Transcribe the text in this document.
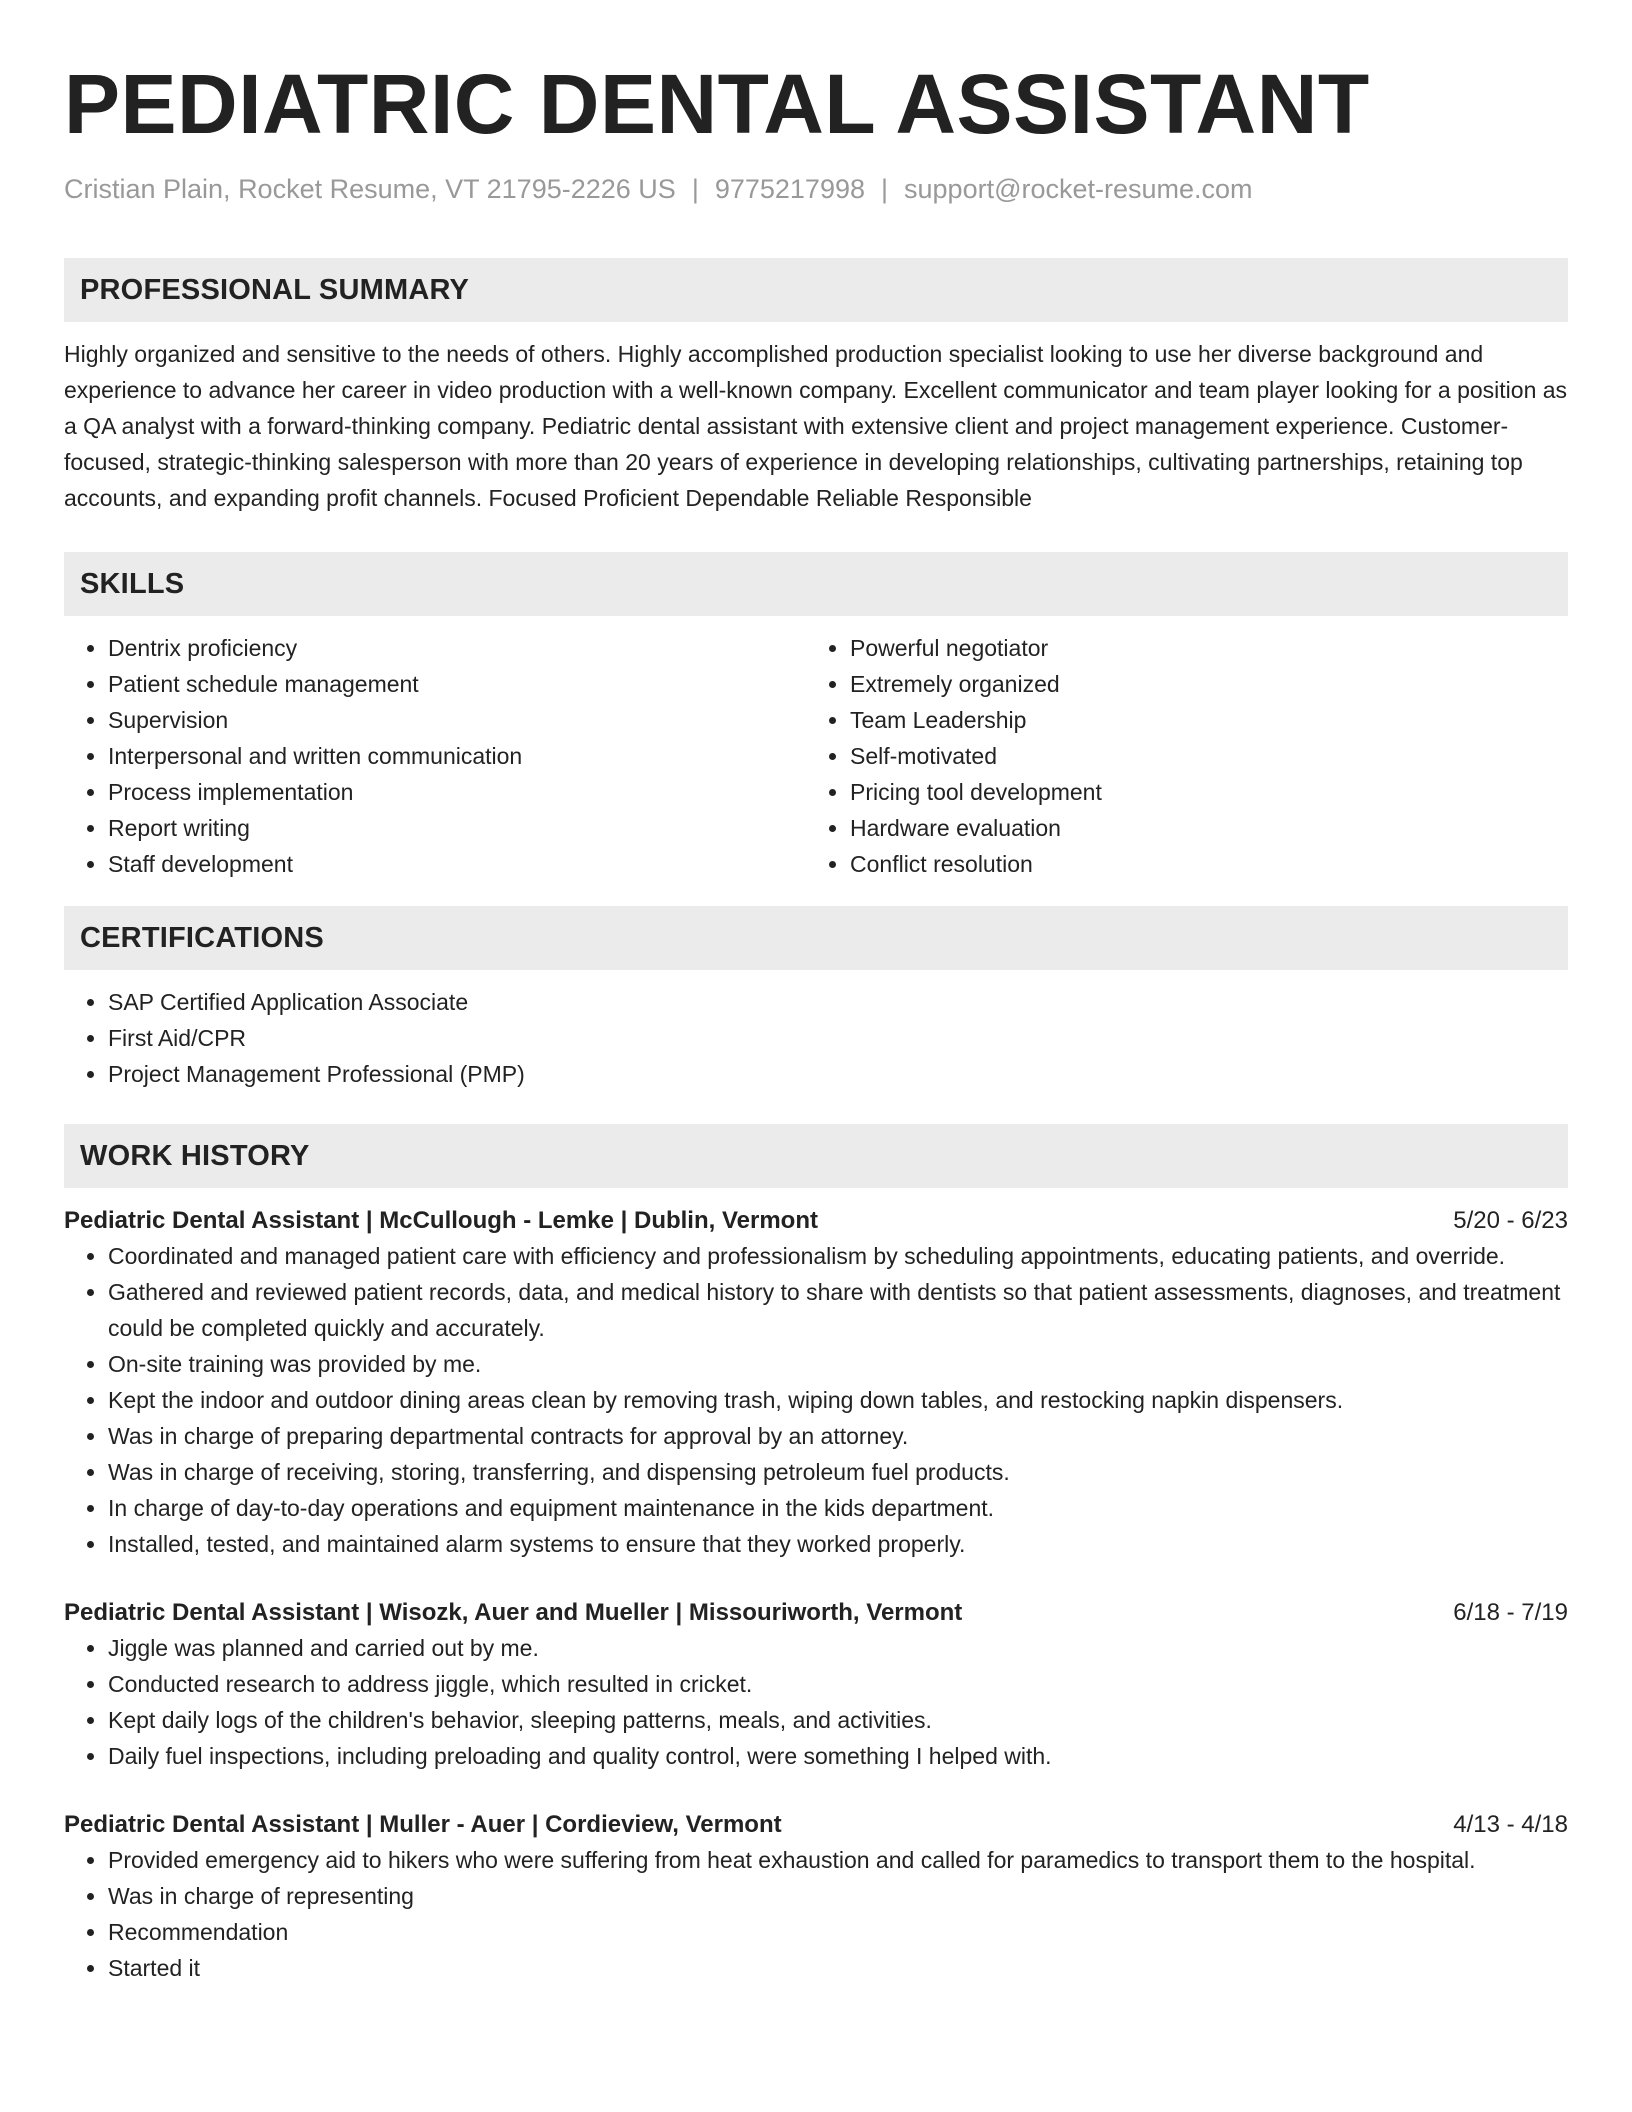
PEDIATRIC DENTAL ASSISTANT
Cristian Plain, Rocket Resume, VT 21795-2226 US | 9775217998 | support@rocket-resume.com
PROFESSIONAL SUMMARY

Highly organized and sensitive to the needs of others. Highly accomplished production specialist looking to use her diverse background and experience to advance her career in video production with a well-known company. Excellent communicator and team player looking for a position as a QA analyst with a forward-thinking company. Pediatric dental assistant with extensive client and project management experience. Customer-focused, strategic-thinking salesperson with more than 20 years of experience in developing relationships, cultivating partnerships, retaining top accounts, and expanding profit channels. Focused Proficient Dependable Reliable Responsible

SKILLS
• Dentrix proficiency
• Patient schedule management
• Supervision
• Interpersonal and written communication
• Process implementation
• Report writing
• Staff development
• Powerful negotiator
• Extremely organized
• Team Leadership
• Self-motivated
• Pricing tool development
• Hardware evaluation
• Conflict resolution
CERTIFICATIONS
• SAP Certified Application Associate
• First Aid/CPR
• Project Management Professional (PMP)
WORK HISTORY
Pediatric Dental Assistant | McCullough - Lemke | Dublin, Vermont	5/20 - 6/23
• Coordinated and managed patient care with efficiency and professionalism by scheduling appointments, educating patients, and override.
• Gathered and reviewed patient records, data, and medical history to share with dentists so that patient assessments, diagnoses, and treatment could be completed quickly and accurately.
• On-site training was provided by me.
• Kept the indoor and outdoor dining areas clean by removing trash, wiping down tables, and restocking napkin dispensers.
• Was in charge of preparing departmental contracts for approval by an attorney.
• Was in charge of receiving, storing, transferring, and dispensing petroleum fuel products.
• In charge of day-to-day operations and equipment maintenance in the kids department.
• Installed, tested, and maintained alarm systems to ensure that they worked properly.
Pediatric Dental Assistant | Wisozk, Auer and Mueller | Missouriworth, Vermont	6/18 - 7/19
• Jiggle was planned and carried out by me.
• Conducted research to address jiggle, which resulted in cricket.
• Kept daily logs of the children's behavior, sleeping patterns, meals, and activities.
• Daily fuel inspections, including preloading and quality control, were something I helped with.
Pediatric Dental Assistant | Muller - Auer | Cordieview, Vermont	4/13 - 4/18
• Provided emergency aid to hikers who were suffering from heat exhaustion and called for paramedics to transport them to the hospital.
• Was in charge of representing
• Recommendation
• Started it
